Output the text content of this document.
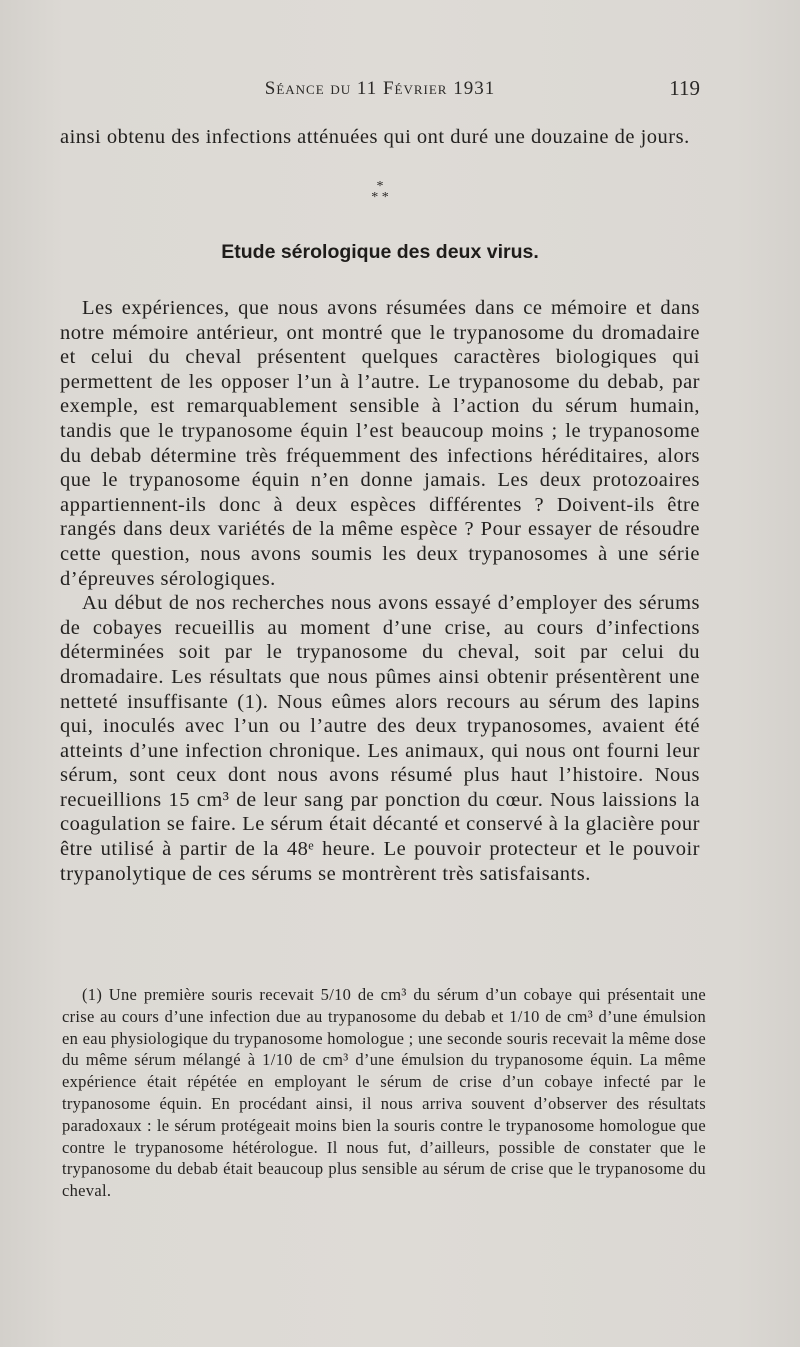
Séance du 11 Février 1931	119

ainsi obtenu des infections atténuées qui ont duré une douzaine de jours.

*
* *
Etude sérologique des deux virus.

Les expériences, que nous avons résumées dans ce mémoire et dans notre mémoire antérieur, ont montré que le trypanosome du dromadaire et celui du cheval présentent quelques caractères biologiques qui permettent de les opposer l’un à l’autre. Le trypanosome du debab, par exemple, est remarquablement sensible à l’action du sérum humain, tandis que le trypanosome équin l’est beaucoup moins ; le trypanosome du debab détermine très fréquemment des infections héréditaires, alors que le trypanosome équin n’en donne jamais. Les deux protozoaires appartiennent-ils donc à deux espèces différentes ? Doivent-ils être rangés dans deux variétés de la même espèce ? Pour essayer de résoudre cette question, nous avons soumis les deux trypanosomes à une série d’épreuves sérologiques.

Au début de nos recherches nous avons essayé d’employer des sérums de cobayes recueillis au moment d’une crise, au cours d’infections déterminées soit par le trypanosome du cheval, soit par celui du dromadaire. Les résultats que nous pûmes ainsi obtenir présentèrent une netteté insuffisante (1). Nous eûmes alors recours au sérum des lapins qui, inoculés avec l’un ou l’autre des deux trypanosomes, avaient été atteints d’une infection chronique. Les animaux, qui nous ont fourni leur sérum, sont ceux dont nous avons résumé plus haut l’histoire. Nous recueillions 15 cm³ de leur sang par ponction du cœur. Nous laissions la coagulation se faire. Le sérum était décanté et conservé à la glacière pour être utilisé à partir de la 48ᵉ heure. Le pouvoir protecteur et le pouvoir trypanolytique de ces sérums se montrèrent très satisfaisants.

(1) Une première souris recevait 5/10 de cm³ du sérum d’un cobaye qui présentait une crise au cours d’une infection due au trypanosome du debab et 1/10 de cm³ d’une émulsion en eau physiologique du trypanosome homologue ; une seconde souris recevait la même dose du même sérum mélangé à 1/10 de cm³ d’une émulsion du trypanosome équin. La même expérience était répétée en employant le sérum de crise d’un cobaye infecté par le trypanosome équin. En procédant ainsi, il nous arriva souvent d’observer des résultats paradoxaux : le sérum protégeait moins bien la souris contre le trypanosome homologue que contre le trypanosome hétérologue. Il nous fut, d’ailleurs, possible de constater que le trypanosome du debab était beaucoup plus sensible au sérum de crise que le trypanosome du cheval.
